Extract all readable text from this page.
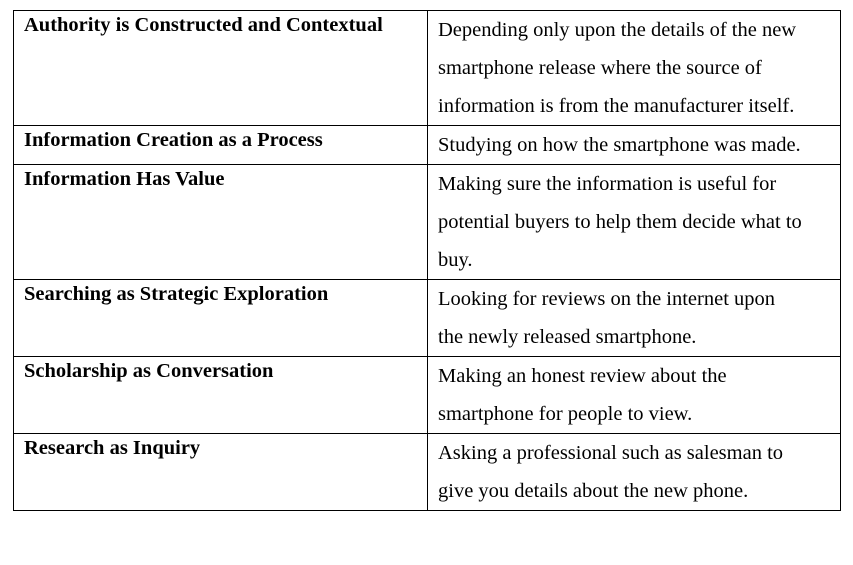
Authority is Constructed and Contextual	Depending only upon the details of the new
smartphone release where the source of
information is from the manufacturer itself.

Information Creation as a Process	Studying on how the smartphone was made.

Information Has Value	Making sure the information is useful for
potential buyers to help them decide what to
buy.

Searching as Strategic Exploration	Looking for reviews on the internet upon
the newly released smartphone.

Scholarship as Conversation	Making an honest review about the
smartphone for people to view.

Research as Inquiry	Asking a professional such as salesman to
give you details about the new phone.
